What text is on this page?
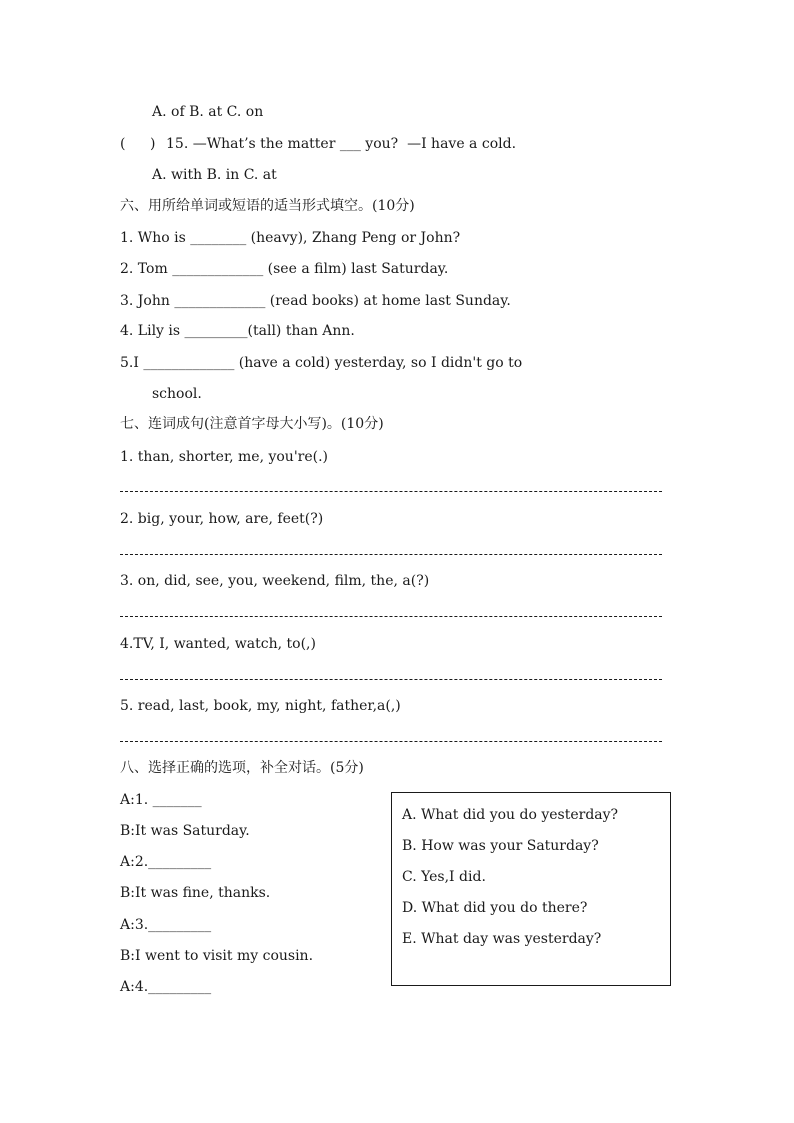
A. of B. at C. on
( ) 15. —What’s the matter ___ you?  —I have a cold.
A. with B. in C. at
六、用所给单词或短语的适当形式填空。(10分)
1. Who is ________ (heavy), Zhang Peng or John?
2. Tom _____________ (see a film) last Saturday.
3. John _____________ (read books) at home last Sunday.
4. Lily is _________(tall) than Ann.
5.I _____________ (have a cold) yesterday, so I didn't go to
school.
七、连词成句(注意首字母大小写)。(10分)
1. than, shorter, me, you're(.)
2. big, your, how, are, feet(?)
3. on, did, see, you, weekend, film, the, a(?)
4.TV, I, wanted, watch, to(,)
5. read, last, book, my, night, father,a(,)
八、选择正确的选项，补全对话。(5分)
A:1. _______
B:It was Saturday.
A:2._________
B:It was fine, thanks.
A:3._________
B:I went to visit my cousin.
A:4._________
A. What did you do yesterday?
B. How was your Saturday?
C. Yes,I did.
D. What did you do there?
E. What day was yesterday?
